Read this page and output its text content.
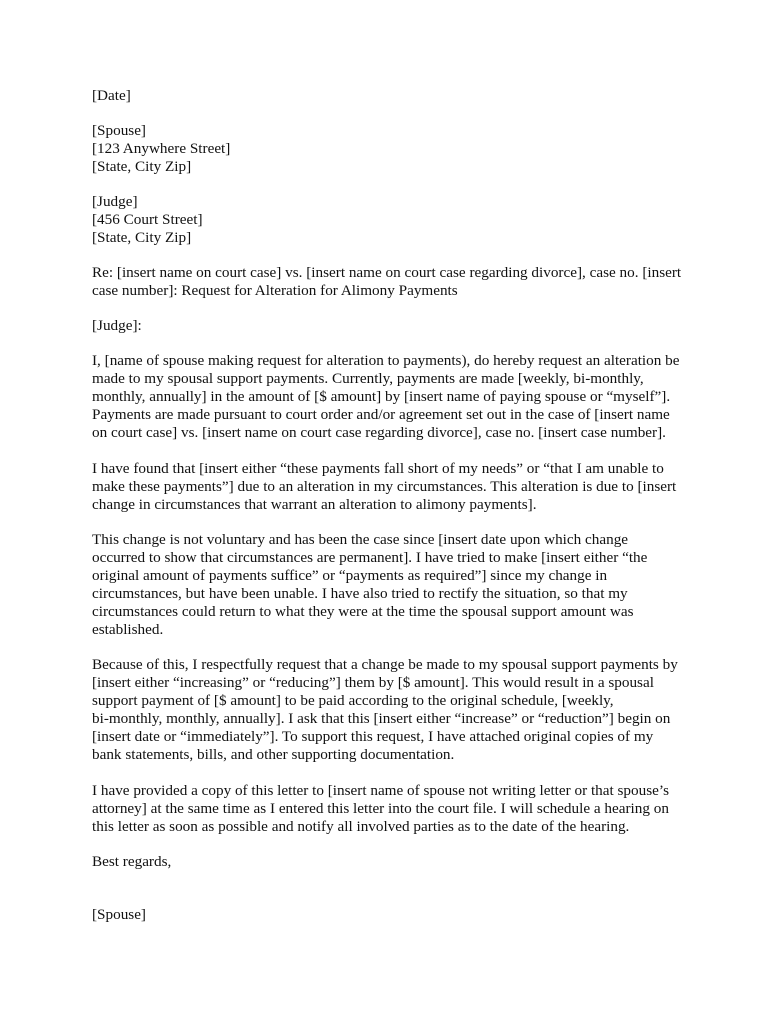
[Date]
[Spouse]
[123 Anywhere Street]
[State, City Zip]
[Judge]
[456 Court Street]
[State, City Zip]
Re: [insert name on court case] vs. [insert name on court case regarding divorce], case no. [insert
case number]: Request for Alteration for Alimony Payments
[Judge]:
I, [name of spouse making request for alteration to payments), do hereby request an alteration be
made to my spousal support payments. Currently, payments are made [weekly, bi-monthly,
monthly, annually] in the amount of [$ amount] by [insert name of paying spouse or “myself”].
Payments are made pursuant to court order and/or agreement set out in the case of [insert name
on court case] vs. [insert name on court case regarding divorce], case no. [insert case number].
I have found that [insert either “these payments fall short of my needs” or “that I am unable to
make these payments”] due to an alteration in my circumstances. This alteration is due to [insert
change in circumstances that warrant an alteration to alimony payments].
This change is not voluntary and has been the case since [insert date upon which change
occurred to show that circumstances are permanent]. I have tried to make [insert either “the
original amount of payments suffice” or “payments as required”] since my change in
circumstances, but have been unable. I have also tried to rectify the situation, so that my
circumstances could return to what they were at the time the spousal support amount was
established.
Because of this, I respectfully request that a change be made to my spousal support payments by
[insert either “increasing” or “reducing”] them by [$ amount]. This would result in a spousal
support payment of [$ amount] to be paid according to the original schedule, [weekly,
bi-monthly, monthly, annually]. I ask that this [insert either “increase” or “reduction”] begin on
[insert date or “immediately”]. To support this request, I have attached original copies of my
bank statements, bills, and other supporting documentation.
I have provided a copy of this letter to [insert name of spouse not writing letter or that spouse’s
attorney] at the same time as I entered this letter into the court file. I will schedule a hearing on
this letter as soon as possible and notify all involved parties as to the date of the hearing.
Best regards,
[Spouse]
